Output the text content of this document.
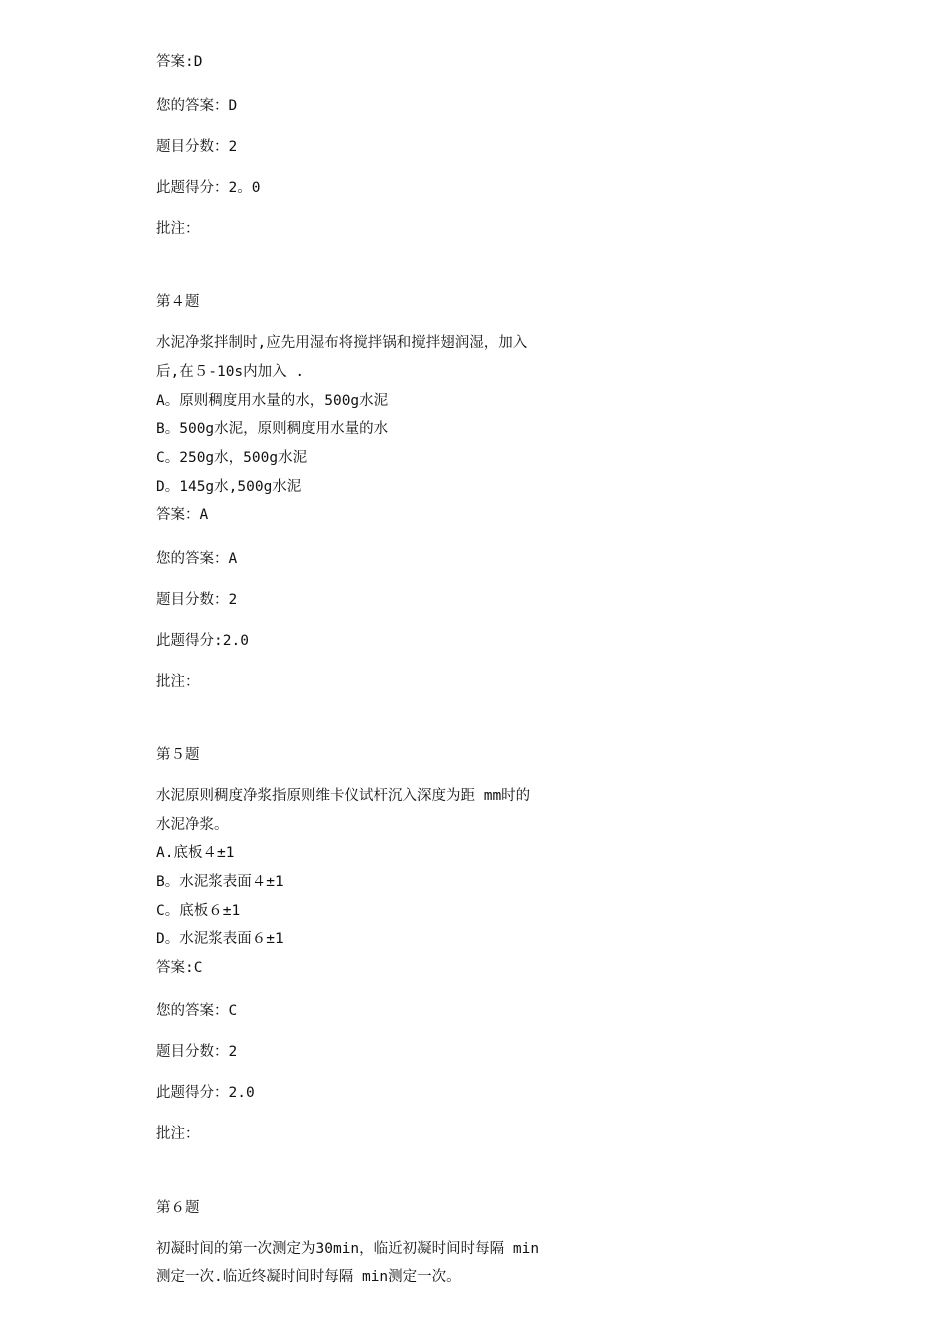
答案:D
您的答案：D
题目分数：2
此题得分：2。0
批注：
第４题
水泥净浆拌制时,应先用湿布将搅拌锅和搅拌翅润湿，加入
后,在５-10s内加入 .
A。原则稠度用水量的水，500g水泥
B。500g水泥，原则稠度用水量的水
C。250g水，500g水泥
D。145g水,500g水泥
答案：A
您的答案：A
题目分数：2
此题得分:2.0
批注：
第５题
水泥原则稠度净浆指原则维卡仪试杆沉入深度为距 mm时的
水泥净浆。
A.底板４±1
B。水泥浆表面４±1
C。底板６±1
D。水泥浆表面６±1
答案:C
您的答案：C
题目分数：2
此题得分：2.0
批注：
第６题
初凝时间的第一次测定为30min，临近初凝时间时每隔 min
测定一次.临近终凝时间时每隔 min测定一次。
